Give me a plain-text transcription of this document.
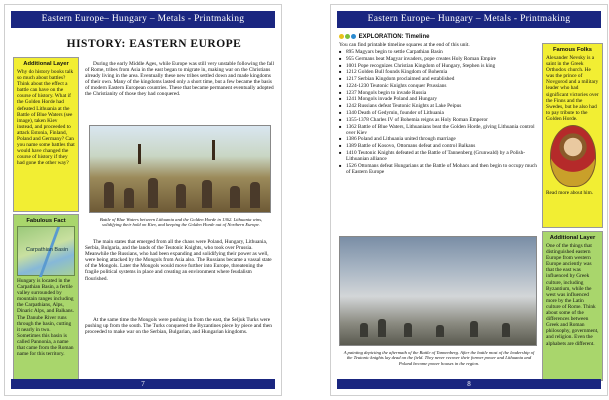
Eastern Europe– Hungary – Metals - Printmaking
HISTORY: EASTERN EUROPE
Additional Layer
Why do history books talk so much about battles? Think about the effect a battle can have on the course of history. What if the Golden Horde had defeated Lithuania at the Battle of Blue Waters (see image), taken Kiev instead, and proceeded to attack Estonia, Finland, Poland and Germany? Can you name some battles that would have changed the course of history if they had gone the other way?
Fabulous Fact
Carpathian Basin
Hungary is located in the Carpathian Basin, a fertile valley surrounded by mountain ranges including the Carpathians, Alps, Dinaric Alps, and Balkans. The Danube River runs through the basin, cutting it nearly in two. Sometimes this basin is called Pannonia, a name that came from the Roman name for this territory.
During the early Middle Ages, while Europe was still very unstable following the fall of Rome, tribes from Asia in the east began to migrate in, making war on the Christians already living in the area. Eventually these new tribes settled down and made kingdoms of their own. Many of the kingdoms lasted only a short time, but a few became the basis of modern Eastern European countries. These that became permanent eventually adopted the Christianity of those they had conquered.
Battle of Blue Waters between Lithuania and the Golden Horde in 1362. Lithuania wins, solidifying their hold on Kiev, and keeping the Golden Horde out of Northern Europe.
The main states that emerged from all the chaos were Poland, Hungary, Lithuania, Serbia, Bulgaria, and the lands of the Teutonic Knights, who took over Prussia. Meanwhile the Russians, who had been expanding and solidifying their power as well, were being attacked by the Mongols from Asia also. The Russians became a vassal state of the Mongols. Later the Mongols would move further into Europe, threatening the fragile political systems in place and creating an environment where feudalism flourished.
At the same time the Mongols were pushing in from the east, the Seljuk Turks were pushing up from the south. The Turks conquered the Byzantines piece by piece and then proceeded to make war on the Serbian, Bulgarian, and Hungarian kingdoms.
7
Eastern Europe– Hungary – Metals - Printmaking
EXPLORATION: Timeline
You can find printable timeline squares at the end of this unit.
■ 895 Magyars begin to settle Carpathian Basin
■ 955 Germans beat Magyar invaders, pope creates Holy Roman Empire
■ 1001 Pope recognizes Christian Kingdom of Hungary, Stephen is king
■ 1212 Golden Bull founds Kingdom of Bohemia
■ 1217 Serbian Kingdom proclaimed and established
■ 1224-1230 Teutonic Knights conquer Prussians
■ 1237 Mongols begin to invade Russia
■ 1241 Mongols invade Poland and Hungary
■ 1242 Russians defeat Teutonic Knights at Lake Peipus
■ 1340 Death of Gedymin, founder of Lithuania
■ 1355-1378 Charles IV of Bohemia reigns as Holy Roman Emperor
■ 1362 Battle of Blue Waters, Lithuanians beat the Golden Horde, giving Lithuania control over Kiev
■ 1386 Poland and Lithuania united through marriage
■ 1389 Battle of Kosovo, Ottomans defeat and control Balkans
■ 1410 Teutonic Knights defeated at the Battle of Tannenberg (Grunwald) by a Polish-Lithuanian alliance
■ 1526 Ottomans defeat Hungarians at the Battle of Mohacs and then begin to occupy much of Eastern Europe
Famous Folks
Alexander Nevsky is a saint in the Greek Orthodox church. He was the prince of Novgorod and a military leader who had significant victories over the Finns and the Swedes, but he also had to pay tribute to the Golden Horde.
Read more about him.
A painting depicting the aftermath of the Battle of Tannenberg. After the battle most of the leadership of the Teutonic knights lay dead on the field. They never recover their former power and Lithuania and Poland become power houses in the region.
Additional Layer
One of the things that distinguished eastern Europe from western Europe anciently was that the east was influenced by Greek culture, including Byzantium, while the west was influenced more by the Latin culture of Rome. Think about some of the differences between Greek and Roman philosophy, government, and religion. Even the alphabets are different.
8
